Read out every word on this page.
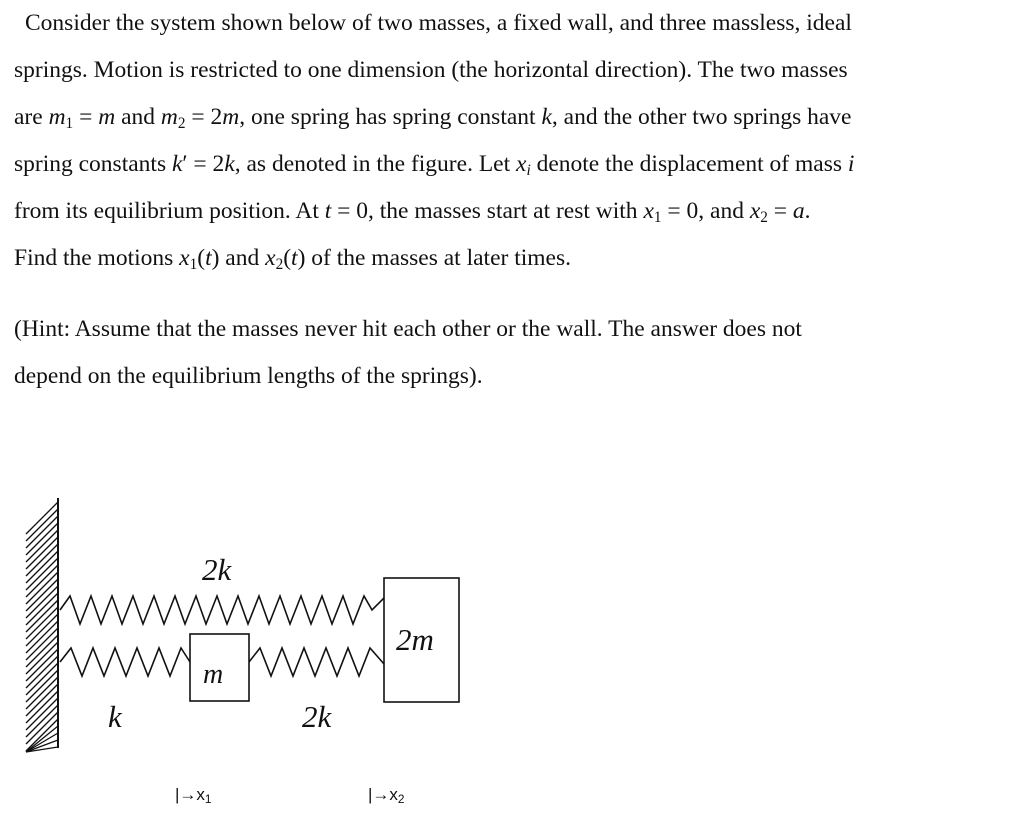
Consider the system shown below of two masses, a fixed wall, and three massless, ideal
springs. Motion is restricted to one dimension (the horizontal direction). The two masses
are $m_1 = m$ and $m_2 = 2m$, one spring has spring constant k, and the other two springs have
spring constants k′ = 2k, as denoted in the figure. Let $x_i$ denote the displacement of mass i
from its equilibrium position. At t = 0, the masses start at rest with $x_1 = 0$, and $x_2 = a$.
Find the motions $x_1(t)$ and $x_2(t)$ of the masses at later times.
(Hint: Assume that the masses never hit each other or the wall. The answer does not
depend on the equilibrium lengths of the springs).
2k
m
2m
k	2k
$|\to x_1$	$|\to x_2$
